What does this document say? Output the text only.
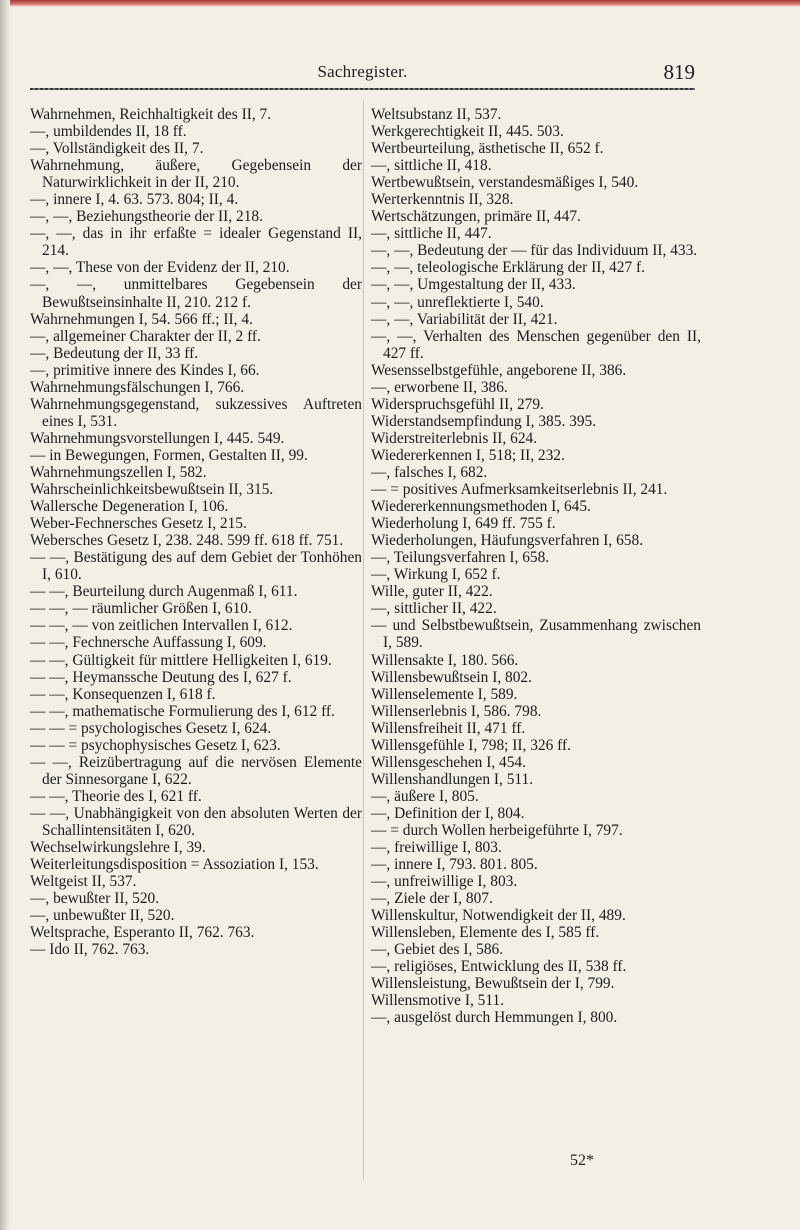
Sachregister.	819

Wahrnehmen, Reichhaltigkeit des II, 7.

—, umbildendes II, 18 ff.

—, Vollständigkeit des II, 7.

Wahrnehmung, äußere, Gegebensein der Naturwirklichkeit in der II, 210.

—, innere I, 4. 63. 573. 804; II, 4.

—, —, Beziehungstheorie der II, 218.

—, —, das in ihr erfaßte = idealer Gegenstand II, 214.

—, —, These von der Evidenz der II, 210.

—, —, unmittelbares Gegebensein der Bewußtseinsinhalte II, 210. 212 f.

Wahrnehmungen I, 54. 566 ff.; II, 4.

—, allgemeiner Charakter der II, 2 ff.

—, Bedeutung der II, 33 ff.

—, primitive innere des Kindes I, 66.

Wahrnehmungsfälschungen I, 766.

Wahrnehmungsgegenstand, sukzessives Auftreten eines I, 531.

Wahrnehmungsvorstellungen I, 445. 549.

— in Bewegungen, Formen, Gestalten II, 99.

Wahrnehmungszellen I, 582.

Wahrscheinlichkeitsbewußtsein II, 315.

Wallersche Degeneration I, 106.

Weber-Fechnersches Gesetz I, 215.

Webersches Gesetz I, 238. 248. 599 ff. 618 ff. 751.

— —, Bestätigung des auf dem Gebiet der Tonhöhen I, 610.

— —, Beurteilung durch Augenmaß I, 611.

— —, — räumlicher Größen I, 610.

— —, — von zeitlichen Intervallen I, 612.

— —, Fechnersche Auffassung I, 609.

— —, Gültigkeit für mittlere Helligkeiten I, 619.

— —, Heymanssche Deutung des I, 627 f.

— —, Konsequenzen I, 618 f.

— —, mathematische Formulierung des I, 612 ff.

— — = psychologisches Gesetz I, 624.

— — = psychophysisches Gesetz I, 623.

— —, Reizübertragung auf die nervösen Elemente der Sinnesorgane I, 622.

— —, Theorie des I, 621 ff.

— —, Unabhängigkeit von den absoluten Werten der Schallintensitäten I, 620.

Wechselwirkungslehre I, 39.

Weiterleitungsdisposition = Assoziation I, 153.

Weltgeist II, 537.

—, bewußter II, 520.

—, unbewußter II, 520.

Weltsprache, Esperanto II, 762. 763.

— Ido II, 762. 763.

Weltsubstanz II, 537.

Werkgerechtigkeit II, 445. 503.

Wertbeurteilung, ästhetische II, 652 f.

—, sittliche II, 418.

Wertbewußtsein, verstandesmäßiges I, 540.

Werterkenntnis II, 328.

Wertschätzungen, primäre II, 447.

—, sittliche II, 447.

—, —, Bedeutung der — für das Individuum II, 433.

—, —, teleologische Erklärung der II, 427 f.

—, —, Umgestaltung der II, 433.

—, —, unreflektierte I, 540.

—, —, Variabilität der II, 421.

—, —, Verhalten des Menschen gegenüber den II, 427 ff.

Wesensselbstgefühle, angeborene II, 386.

—, erworbene II, 386.

Widerspruchsgefühl II, 279.

Widerstandsempfindung I, 385. 395.

Widerstreiterlebnis II, 624.

Wiedererkennen I, 518; II, 232.

—, falsches I, 682.

— = positives Aufmerksamkeitserlebnis II, 241.

Wiedererkennungsmethoden I, 645.

Wiederholung I, 649 ff. 755 f.

Wiederholungen, Häufungsverfahren I, 658.

—, Teilungsverfahren I, 658.

—, Wirkung I, 652 f.

Wille, guter II, 422.

—, sittlicher II, 422.

— und Selbstbewußtsein, Zusammenhang zwischen I, 589.

Willensakte I, 180. 566.

Willensbewußtsein I, 802.

Willenselemente I, 589.

Willenserlebnis I, 586. 798.

Willensfreiheit II, 471 ff.

Willensgefühle I, 798; II, 326 ff.

Willensgeschehen I, 454.

Willenshandlungen I, 511.

—, äußere I, 805.

—, Definition der I, 804.

— = durch Wollen herbeigeführte I, 797.

—, freiwillige I, 803.

—, innere I, 793. 801. 805.

—, unfreiwillige I, 803.

—, Ziele der I, 807.

Willenskultur, Notwendigkeit der II, 489.

Willensleben, Elemente des I, 585 ff.

—, Gebiet des I, 586.

—, religiöses, Entwicklung des II, 538 ff.

Willensleistung, Bewußtsein der I, 799.

Willensmotive I, 511.

—, ausgelöst durch Hemmungen I, 800.

52*
